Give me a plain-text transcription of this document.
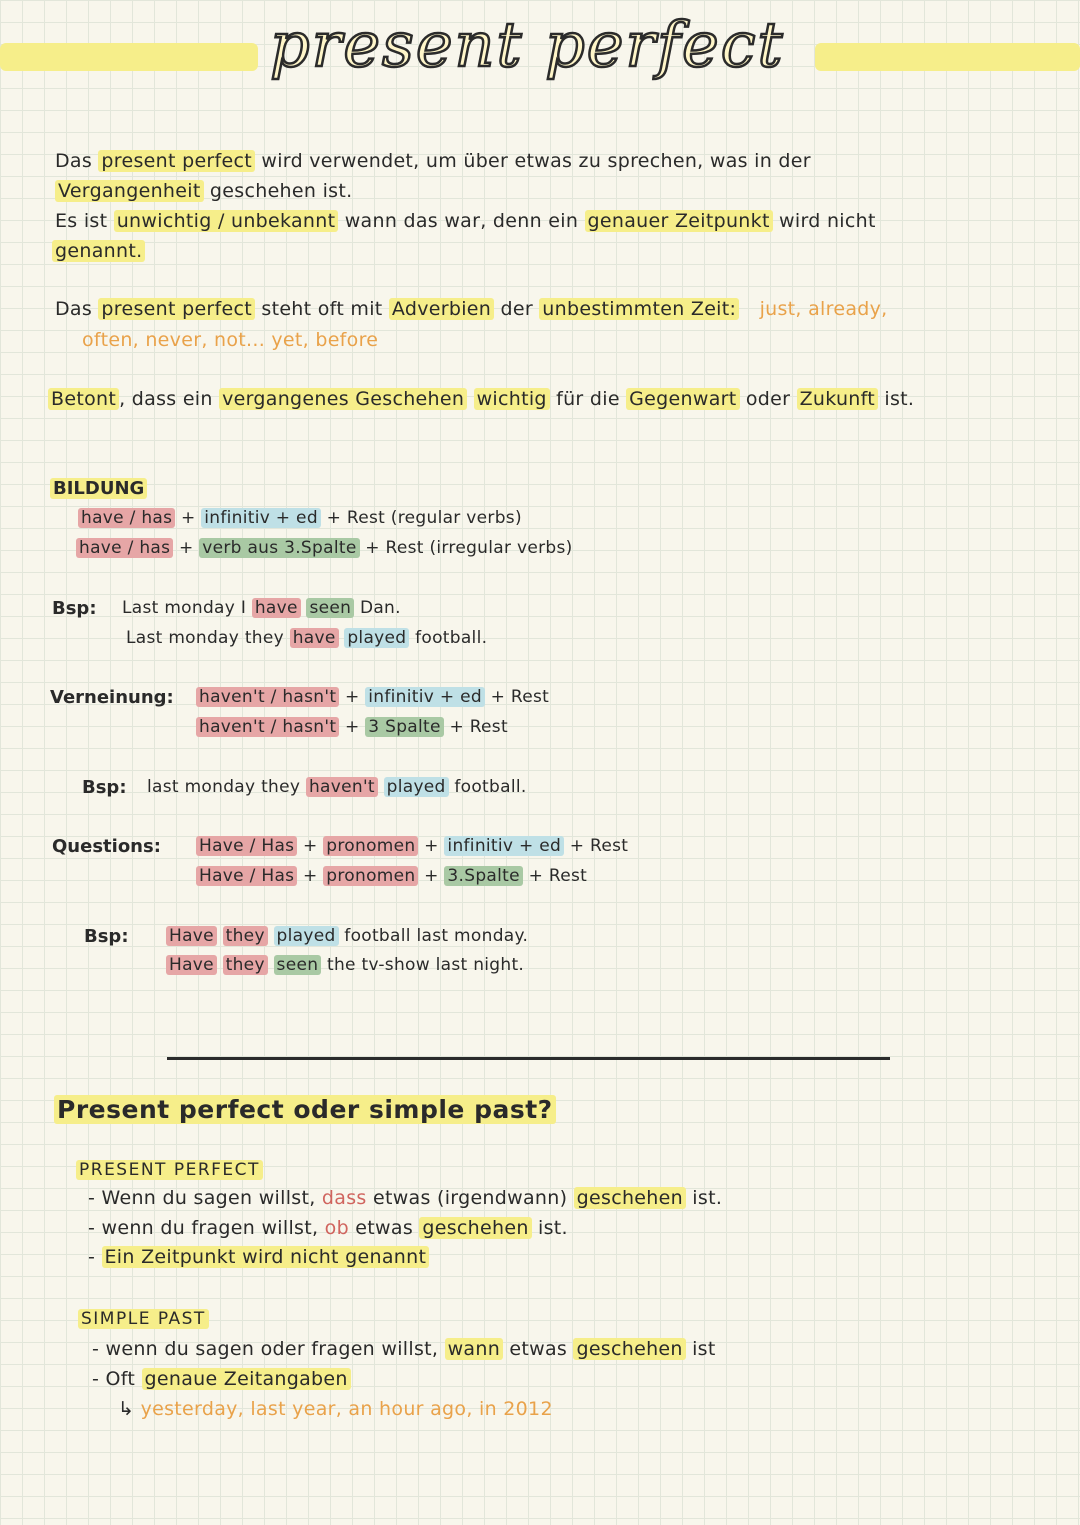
present perfect
Das present perfect wird verwendet, um über etwas zu sprechen, was in der
Vergangenheit geschehen ist.
Es ist unwichtig / unbekannt wann das war, denn ein genauer Zeitpunkt wird nicht
genannt.
Das present perfect steht oft mit Adverbien der unbestimmten Zeit: just, already,
often, never, not... yet, before
Betont , dass ein vergangenes Geschehen wichtig für die Gegenwart oder Zukunft ist.
BILDUNG
have / has + infinitiv + ed + Rest (regular verbs)
have / has + verb aus 3.Spalte + Rest (irregular verbs)
Bsp: Last monday I have seen Dan.
Last monday they have played football.
Verneinung: haven't / hasn't + infinitiv + ed + Rest
haven't / hasn't + 3 Spalte + Rest
Bsp: last monday they haven't played football.
Questions: Have / Has + pronomen + infinitiv + ed + Rest
Have / Has + pronomen + 3.Spalte + Rest
Bsp: Have they played football last monday.
Have they seen the tv-show last night.
Present perfect oder simple past?
PRESENT PERFECT
- Wenn du sagen willst, dass etwas (irgendwann) geschehen ist.
- wenn du fragen willst, ob etwas geschehen ist.
- Ein Zeitpunkt wird nicht genannt
SIMPLE PAST
- wenn du sagen oder fragen willst, wann etwas geschehen ist
- Oft genaue Zeitangaben
↳ yesterday, last year, an hour ago, in 2012
